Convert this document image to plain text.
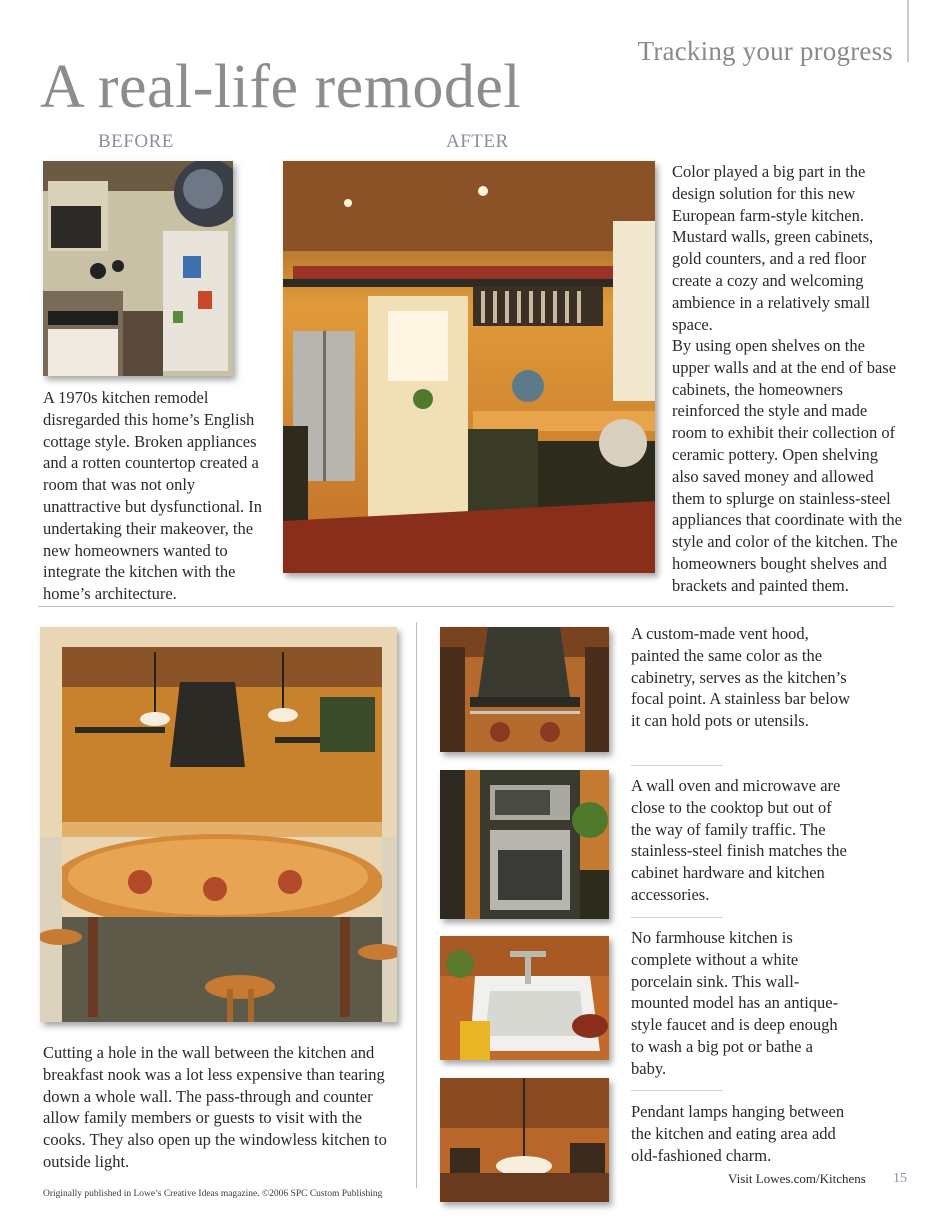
Tracking your progress
A real-life remodel
BEFORE	AFTER
A 1970s kitchen remodel disregarded this home’s English cottage style. Broken appliances and a rotten countertop created a room that was not only unattractive but dysfunctional. In undertaking their makeover, the new homeowners wanted to integrate the kitchen with the home’s architecture.
Color played a big part in the design solution for this new European farm-style kitchen. Mustard walls, green cabinets, gold counters, and a red floor create a cozy and welcoming ambience in a relatively small space.
By using open shelves on the upper walls and at the end of base cabinets, the homeowners reinforced the style and made room to exhibit their collection of ceramic pottery. Open shelving also saved money and allowed them to splurge on stainless-steel appliances that coordinate with the style and color of the kitchen. The homeowners bought shelves and brackets and painted them.
Cutting a hole in the wall between the kitchen and breakfast nook was a lot less expensive than tearing down a whole wall. The pass-through and counter allow family members or guests to visit with the cooks. They also open up the windowless kitchen to outside light.
A custom-made vent hood, painted the same color as the cabinetry, serves as the kitchen’s focal point. A stainless bar below it can hold pots or utensils.
A wall oven and microwave are close to the cooktop but out of the way of family traffic. The stainless-steel finish matches the cabinet hardware and kitchen accessories.
No farmhouse kitchen is complete without a white porcelain sink. This wall-mounted model has an antique-style faucet and is deep enough to wash a big pot or bathe a baby.
Pendant lamps hanging between the kitchen and eating area add old-fashioned charm.
Originally published in Lowe’s Creative Ideas magazine. ©2006 SPC Custom Publishing
Visit Lowes.com/Kitchens 15
